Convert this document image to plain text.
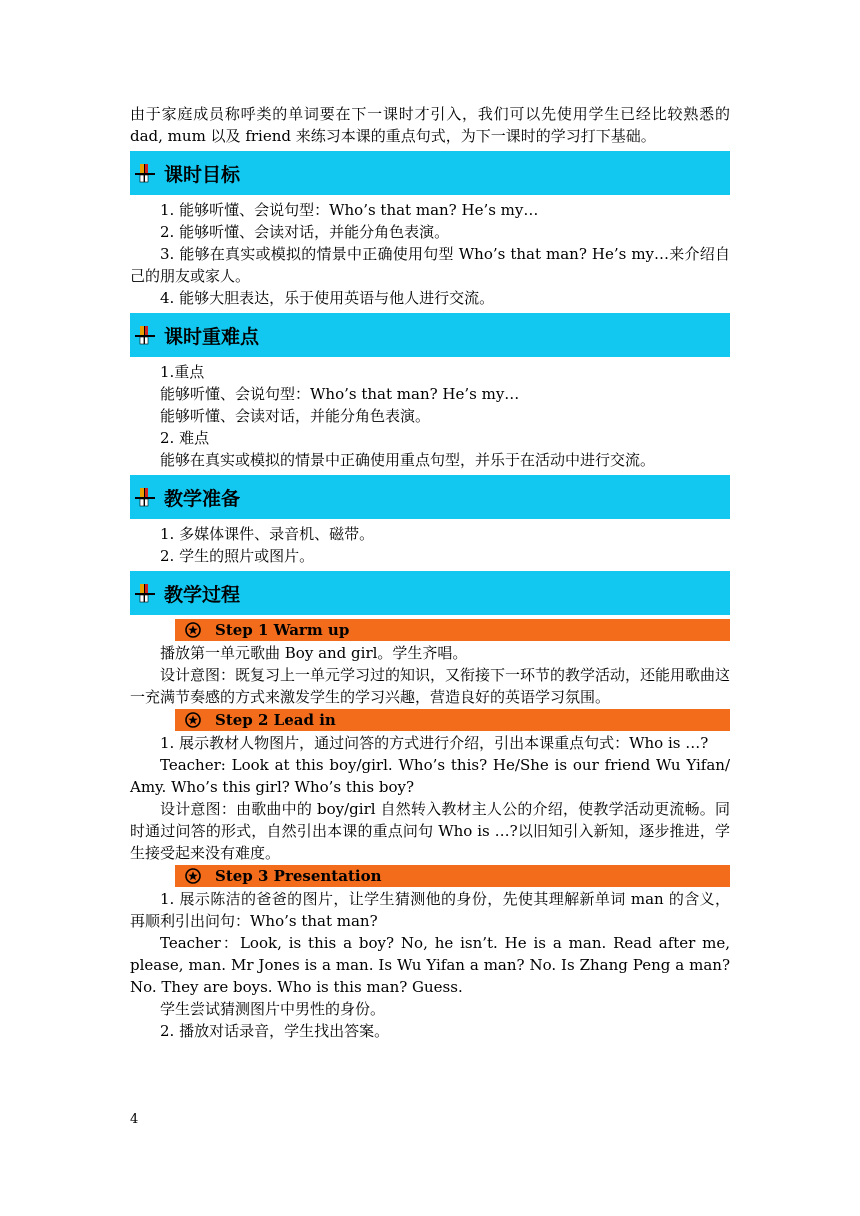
由于家庭成员称呼类的单词要在下一课时才引入，我们可以先使用学生已经比较熟悉的 dad, mum 以及 friend 来练习本课的重点句式，为下一课时的学习打下基础。

课时目标

1. 能够听懂、会说句型：Who’s that man? He’s my…

2. 能够听懂、会读对话，并能分角色表演。

3. 能够在真实或模拟的情景中正确使用句型 Who’s that man? He’s my…来介绍自己的朋友或家人。

4. 能够大胆表达，乐于使用英语与他人进行交流。

课时重难点

1.重点

能够听懂、会说句型：Who’s that man? He’s my…

能够听懂、会读对话，并能分角色表演。

2. 难点

能够在真实或模拟的情景中正确使用重点句型，并乐于在活动中进行交流。

教学准备

1. 多媒体课件、录音机、磁带。

2. 学生的照片或图片。

教学过程
Step 1 Warm up

播放第一单元歌曲 Boy and girl。学生齐唱。

设计意图：既复习上一单元学习过的知识，又衔接下一环节的教学活动，还能用歌曲这一充满节奏感的方式来激发学生的学习兴趣，营造良好的英语学习氛围。

Step 2 Lead in

1. 展示教材人物图片，通过问答的方式进行介绍，引出本课重点句式：Who is …?

Teacher: Look at this boy/girl. Who’s this? He/She is our friend Wu Yifan/ Amy. Who’s this girl? Who’s this boy?

设计意图：由歌曲中的 boy/girl 自然转入教材主人公的介绍，使教学活动更流畅。同时通过问答的形式，自然引出本课的重点问句 Who is …?以旧知引入新知，逐步推进，学生接受起来没有难度。

Step 3 Presentation

1. 展示陈洁的爸爸的图片，让学生猜测他的身份，先使其理解新单词 man 的含义，再顺利引出问句：Who’s that man?

Teacher：Look, is this a boy? No, he isn’t. He is a man. Read after me, please, man. Mr Jones is a man. Is Wu Yifan a man? No. Is Zhang Peng a man? No. They are boys. Who is this man? Guess.

学生尝试猜测图片中男性的身份。

2. 播放对话录音，学生找出答案。

4
